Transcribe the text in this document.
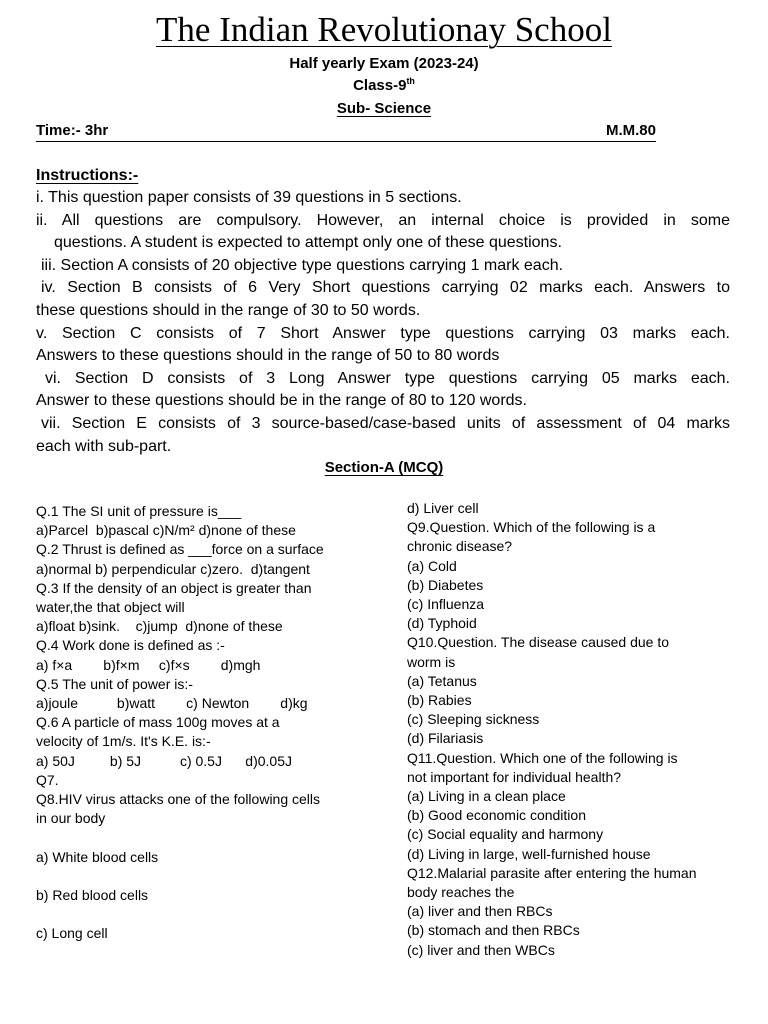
The Indian Revolutionay School
Half yearly Exam (2023-24)
Class-9th
Sub- Science
Time:- 3hr	M.M.80
Instructions:-
i. This question paper consists of 39 questions in 5 sections.
ii. All questions are compulsory. However, an internal choice is provided in some
questions. A student is expected to attempt only one of these questions.
iii. Section A consists of 20 objective type questions carrying 1 mark each.
iv. Section B consists of 6 Very Short questions carrying 02 marks each. Answers to
these questions should in the range of 30 to 50 words.
v. Section C consists of 7 Short Answer type questions carrying 03 marks each.
Answers to these questions should in the range of 50 to 80 words
vi. Section D consists of 3 Long Answer type questions carrying 05 marks each.
Answer to these questions should be in the range of 80 to 120 words.
vii. Section E consists of 3 source-based/case-based units of assessment of 04 marks
each with sub-part.
Section-A (MCQ)
Q.1 The SI unit of pressure is___
a)Parcel  b)pascal c)N/m² d)none of these
Q.2 Thrust is defined as ___force on a surface
a)normal b) perpendicular c)zero.  d)tangent
Q.3 If the density of an object is greater than
water,the that object will
a)float b)sink.    c)jump  d)none of these
Q.4 Work done is defined as :-
a) f×a        b)f×m     c)f×s        d)mgh
Q.5 The unit of power is:-
a)joule          b)watt        c) Newton        d)kg
Q.6 A particle of mass 100g moves at a
velocity of 1m/s. It's K.E. is:-
a) 50J         b) 5J          c) 0.5J      d)0.05J
Q7.
Q8.HIV virus attacks one of the following cells
in our body
a) White blood cells
b) Red blood cells
c) Long cell
d) Liver cell
Q9.Question. Which of the following is a
chronic disease?
(a) Cold
(b) Diabetes
(c) Influenza
(d) Typhoid
Q10.Question. The disease caused due to
worm is
(a) Tetanus
(b) Rabies
(c) Sleeping sickness
(d) Filariasis
Q11.Question. Which one of the following is
not important for individual health?
(a) Living in a clean place
(b) Good economic condition
(c) Social equality and harmony
(d) Living in large, well-furnished house
Q12.Malarial parasite after entering the human
body reaches the
(a) liver and then RBCs
(b) stomach and then RBCs
(c) liver and then WBCs
